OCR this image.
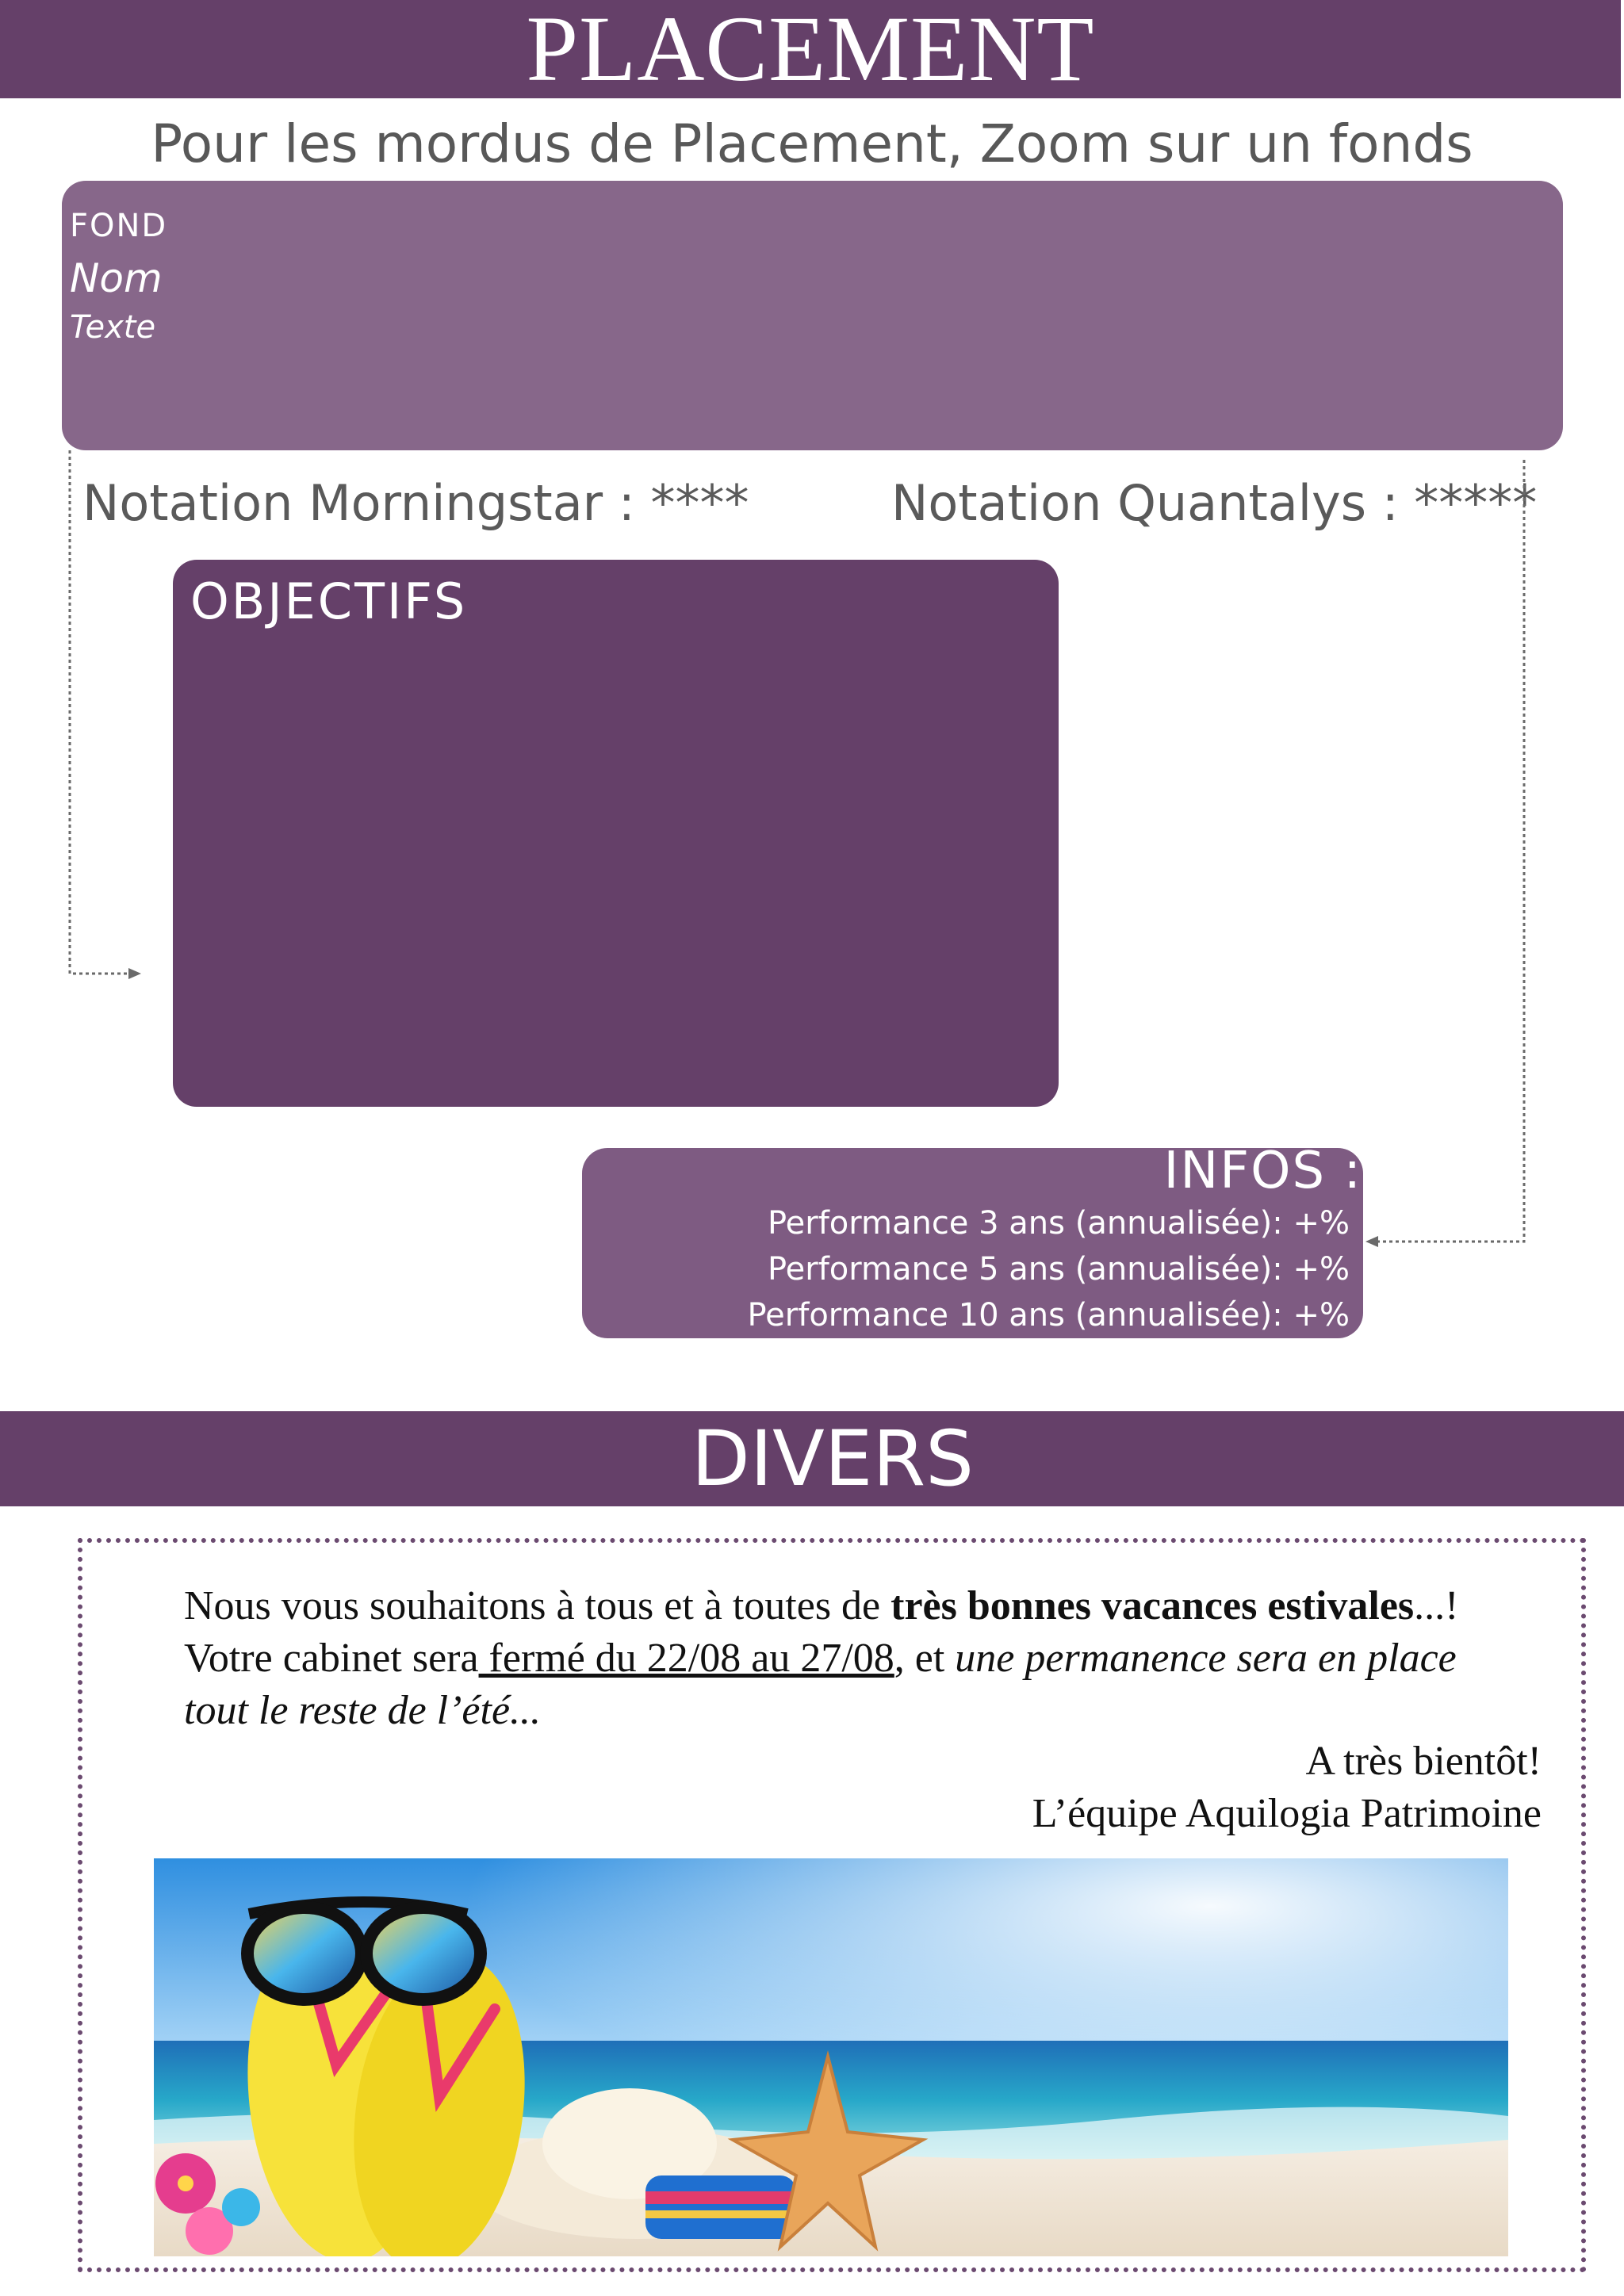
PLACEMENT
Pour les mordus de Placement, Zoom sur un fonds
FOND
Nom
Texte
Notation Morningstar : ****	Notation Quantalys : *****
OBJECTIFS
INFOS :
Performance 3 ans (annualisée): +%
Performance 5 ans (annualisée): +%
Performance 10 ans (annualisée): +%
DIVERS
Nous vous souhaitons à tous et à toutes de très bonnes vacances estivales...!
Votre cabinet sera fermé du 22/08 au 27/08, et une permanence sera en place
tout le reste de l’été...
A très bientôt!
L’équipe Aquilogia Patrimoine
